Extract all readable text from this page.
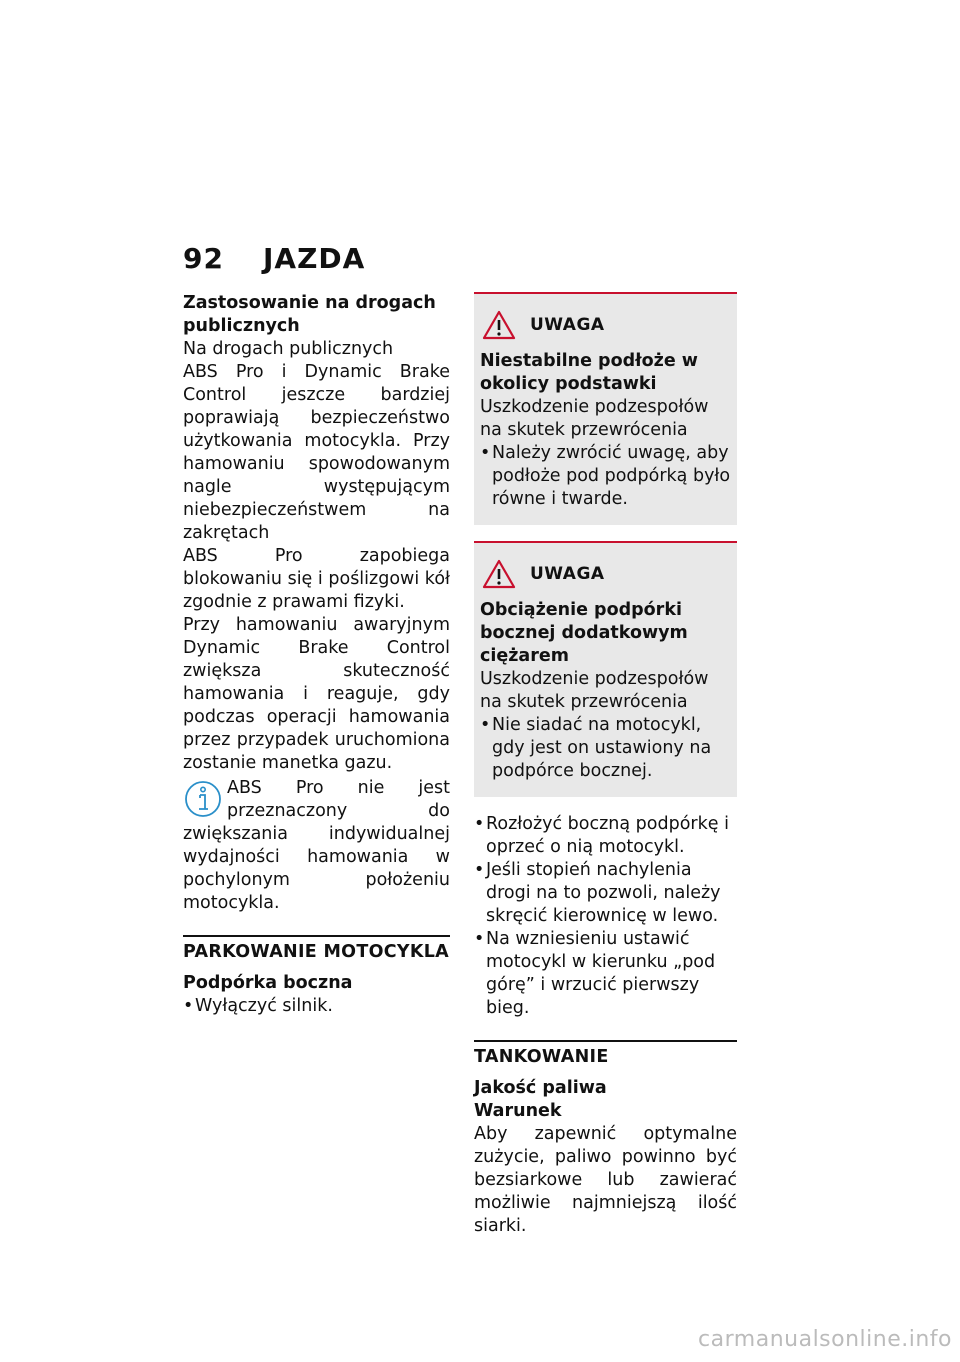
92 JAZDA

Zastosowanie na drogach publicznych

Na drogach publicznych

ABS Pro i Dynamic Brake Control jeszcze bardziej poprawiają bezpieczeństwo użytkowania motocykla. Przy hamowaniu spowodowanym nagle występującym niebezpieczeństwem na zakrętach

ABS Pro zapobiega blokowaniu się i poślizgowi kół zgodnie z prawami fizyki.

Przy hamowaniu awaryjnym Dynamic Brake Control zwiększa skuteczność hamowania i reaguje, gdy podczas operacji hamowania przez przypadek uruchomiona zostanie manetka gazu.

ABS Pro nie jest przeznaczony do zwiększania indywidualnej wydajności hamowania w pochylonym położeniu motocykla.

PARKOWANIE MOTOCYKLA

Podpórka boczna

• Wyłączyć silnik.
UWAGA

Niestabilne podłoże w okolicy podstawki

Uszkodzenie podzespołów na skutek przewrócenia

• Należy zwrócić uwagę, aby podłoże pod podpórką było równe i twarde.
UWAGA

Obciążenie podpórki bocznej dodatkowym ciężarem

Uszkodzenie podzespołów na skutek przewrócenia

• Nie siadać na motocykl, gdy jest on ustawiony na podpórce bocznej.
• Rozłożyć boczną podpórkę i oprzeć o nią motocykl.
• Jeśli stopień nachylenia drogi na to pozwoli, należy skręcić kierownicę w lewo.
• Na wzniesieniu ustawić motocykl w kierunku „pod górę” i wrzucić pierwszy bieg.
TANKOWANIE

Jakość paliwa

Warunek

Aby zapewnić optymalne zużycie, paliwo powinno być bezsiarkowe lub zawierać możliwie najmniejszą ilość siarki.

carmanualsonline.info
